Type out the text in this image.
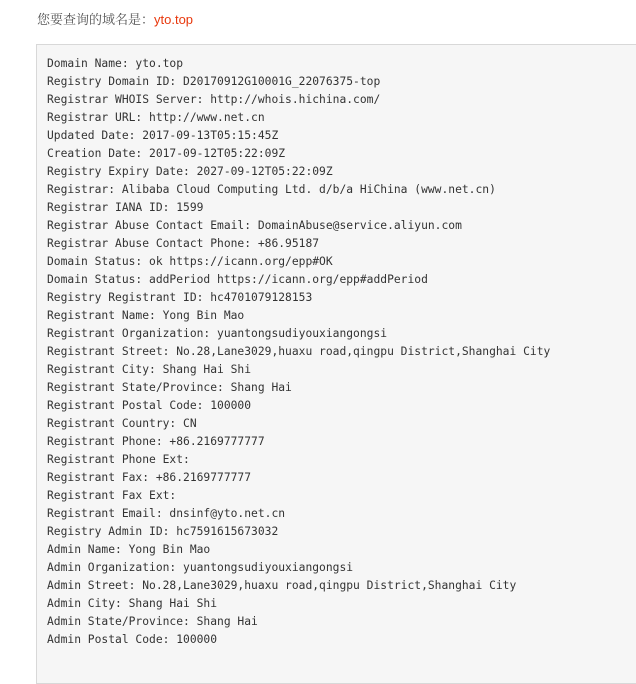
您要查询的域名是：yto.top
Domain Name: yto.top
Registry Domain ID: D20170912G10001G_22076375-top
Registrar WHOIS Server: http://whois.hichina.com/
Registrar URL: http://www.net.cn
Updated Date: 2017-09-13T05:15:45Z
Creation Date: 2017-09-12T05:22:09Z
Registry Expiry Date: 2027-09-12T05:22:09Z
Registrar: Alibaba Cloud Computing Ltd. d/b/a HiChina (www.net.cn)
Registrar IANA ID: 1599
Registrar Abuse Contact Email: DomainAbuse@service.aliyun.com
Registrar Abuse Contact Phone: +86.95187
Domain Status: ok https://icann.org/epp#OK
Domain Status: addPeriod https://icann.org/epp#addPeriod
Registry Registrant ID: hc4701079128153
Registrant Name: Yong Bin Mao
Registrant Organization: yuantongsudiyouxiangongsi
Registrant Street: No.28,Lane3029,huaxu road,qingpu District,Shanghai City
Registrant City: Shang Hai Shi
Registrant State/Province: Shang Hai
Registrant Postal Code: 100000
Registrant Country: CN
Registrant Phone: +86.2169777777
Registrant Phone Ext:
Registrant Fax: +86.2169777777
Registrant Fax Ext:
Registrant Email: dnsinf@yto.net.cn
Registry Admin ID: hc7591615673032
Admin Name: Yong Bin Mao
Admin Organization: yuantongsudiyouxiangongsi
Admin Street: No.28,Lane3029,huaxu road,qingpu District,Shanghai City
Admin City: Shang Hai Shi
Admin State/Province: Shang Hai
Admin Postal Code: 100000
